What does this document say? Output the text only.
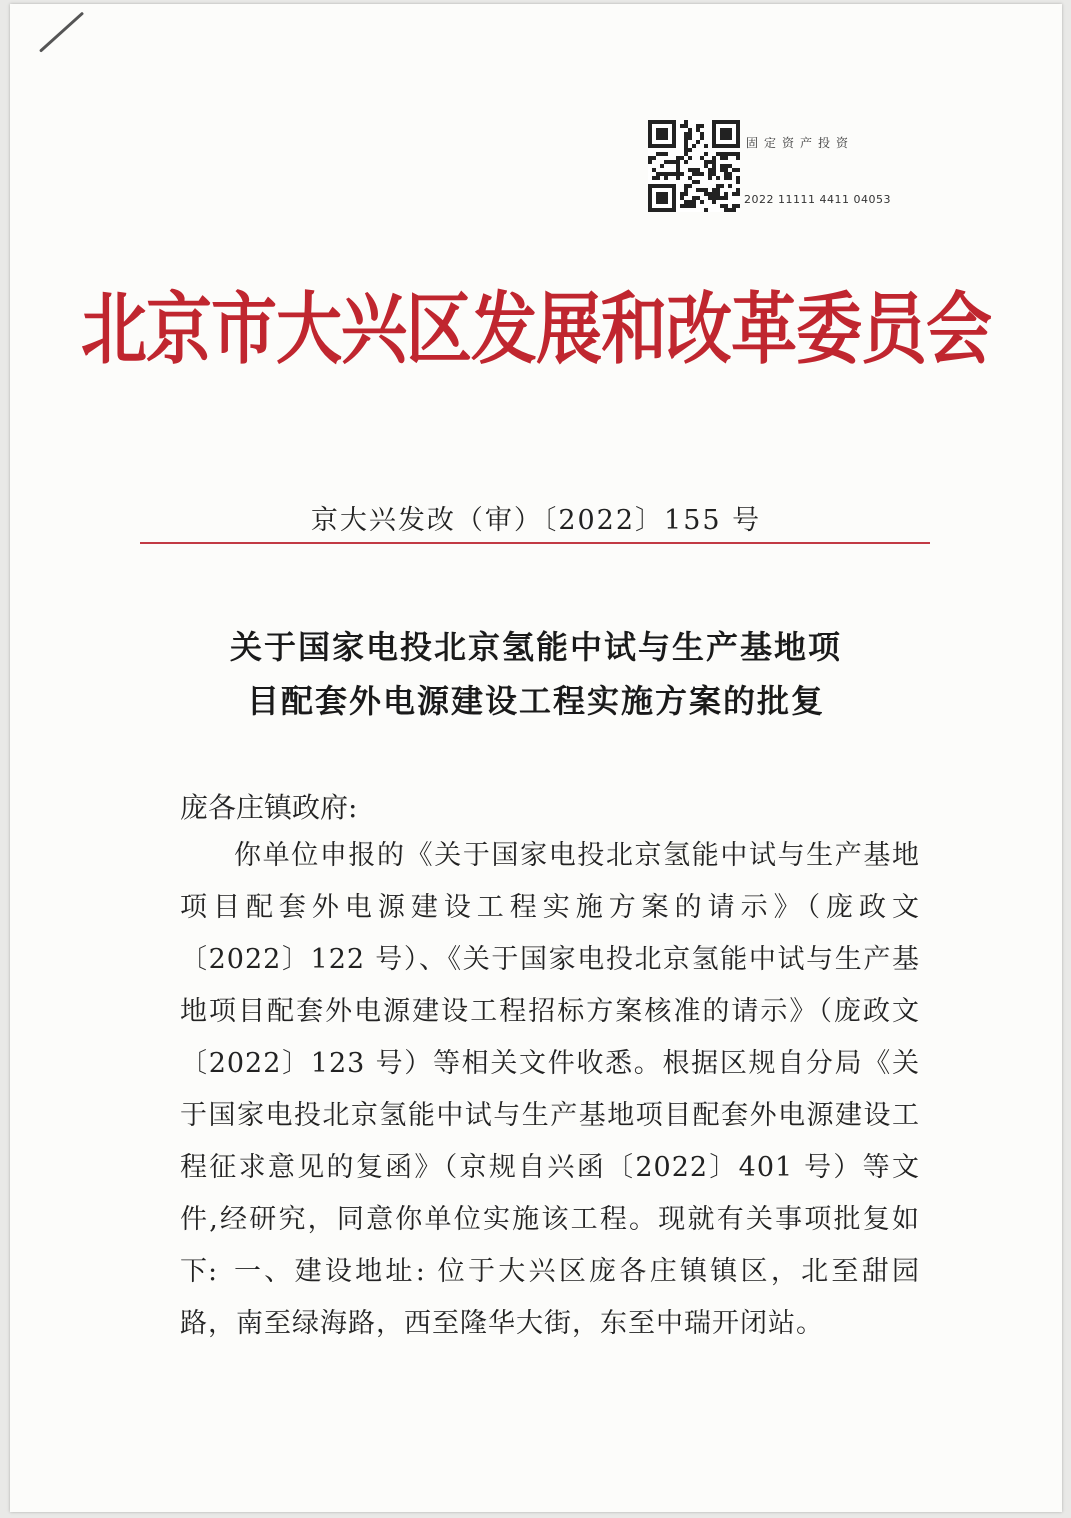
固定资产投资
2022 11111 4411 04053
北京市大兴区发展和改革委员会
京大兴发改（审）〔2022〕155 号
关于国家电投北京氢能中试与生产基地项
目配套外电源建设工程实施方案的批复
庞各庄镇政府:

你单位申报的《关于国家电投北京氢能中试与生产基地项目配套外电源建设工程实施方案的请示》（庞政文〔2022〕122 号）、《关于国家电投北京氢能中试与生产基地项目配套外电源建设工程招标方案核准的请示》（庞政文〔2022〕123 号）等相关文件收悉。根据区规自分局《关于国家电投北京氢能中试与生产基地项目配套外电源建设工程征求意见的复函》（京规自兴函〔2022〕401 号）等文件,经研究，同意你单位实施该工程。现就有关事项批复如下: 一、建设地址: 位于大兴区庞各庄镇镇区，北至甜园路，南至绿海路，西至隆华大街，东至中瑞开闭站。
